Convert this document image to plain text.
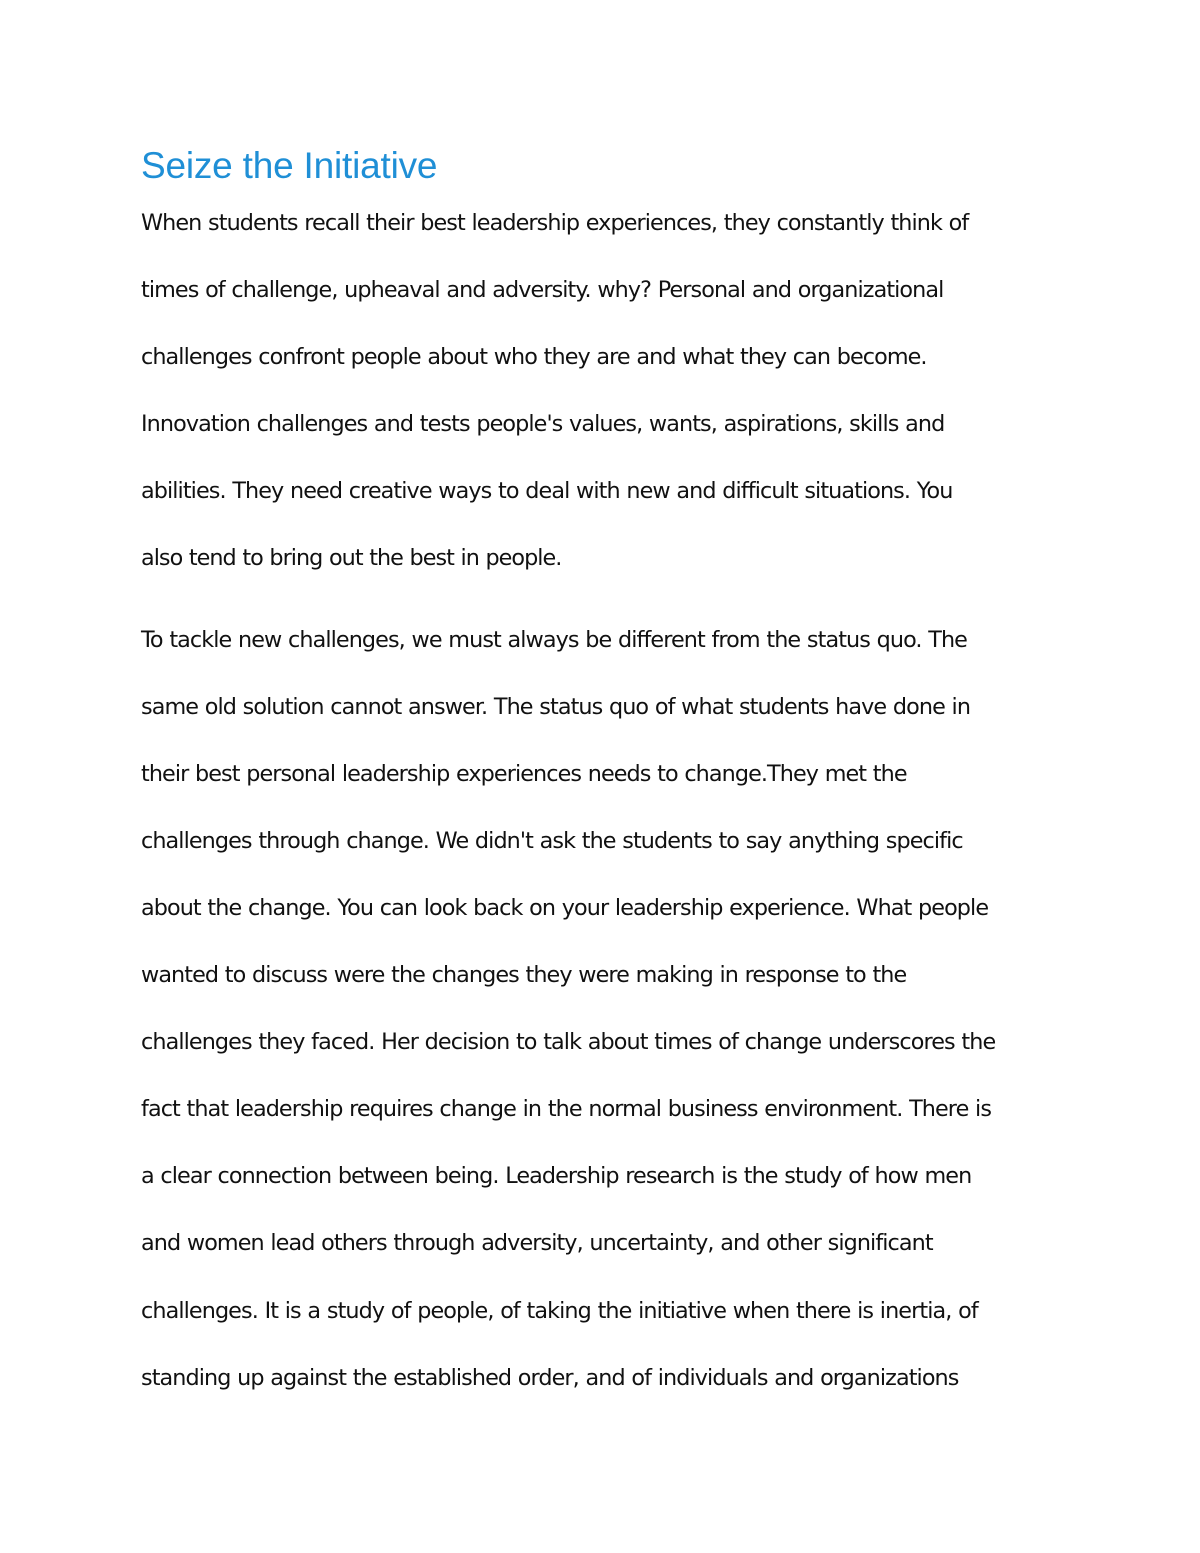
Seize the Initiative
When students recall their best leadership experiences, they constantly think of
times of challenge, upheaval and adversity. why? Personal and organizational
challenges confront people about who they are and what they can become.
Innovation challenges and tests people's values, wants, aspirations, skills and
abilities. They need creative ways to deal with new and difficult situations. You
also tend to bring out the best in people.
To tackle new challenges, we must always be different from the status quo. The
same old solution cannot answer. The status quo of what students have done in
their best personal leadership experiences needs to change.They met the
challenges through change. We didn't ask the students to say anything specific
about the change. You can look back on your leadership experience. What people
wanted to discuss were the changes they were making in response to the
challenges they faced. Her decision to talk about times of change underscores the
fact that leadership requires change in the normal business environment. There is
a clear connection between being. Leadership research is the study of how men
and women lead others through adversity, uncertainty, and other significant
challenges. It is a study of people, of taking the initiative when there is inertia, of
standing up against the established order, and of individuals and organizations
